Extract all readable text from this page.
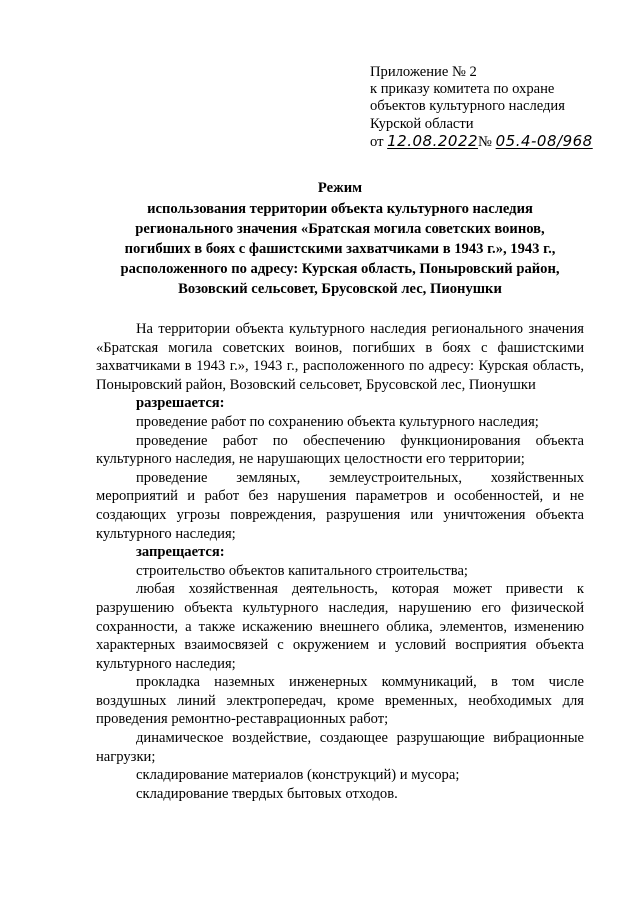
Приложение № 2
к приказу комитета по охране
объектов культурного наследия
Курской области
от 12.08.2022№ 05.4-08/968
Режим
использования территории объекта культурного наследия
регионального значения «Братская могила советских воинов,
погибших в боях с фашистскими захватчиками в 1943 г.», 1943 г.,
расположенного по адресу: Курская область, Поныровский район,
Возовский сельсовет, Брусовской лес, Пионушки

На территории объекта культурного наследия регионального значения «Братская могила советских воинов, погибших в боях с фашистскими захватчиками в 1943 г.», 1943 г., расположенного по адресу: Курская область, Поныровский район, Возовский сельсовет, Брусовской лес, Пионушки

разрешается:

проведение работ по сохранению объекта культурного наследия;

проведение работ по обеспечению функционирования объекта культурного наследия, не нарушающих целостности его территории;

проведение земляных, землеустроительных, хозяйственных мероприятий и работ без нарушения параметров и особенностей, и не создающих угрозы повреждения, разрушения или уничтожения объекта культурного наследия;

запрещается:

строительство объектов капитального строительства;

любая хозяйственная деятельность, которая может привести к разрушению объекта культурного наследия, нарушению его физической сохранности, а также искажению внешнего облика, элементов, изменению характерных взаимосвязей с окружением и условий восприятия объекта культурного наследия;

прокладка наземных инженерных коммуникаций, в том числе воздушных линий электропередач, кроме временных, необходимых для проведения ремонтно-реставрационных работ;

динамическое воздействие, создающее разрушающие вибрационные нагрузки;

складирование материалов (конструкций) и мусора;

складирование твердых бытовых отходов.
